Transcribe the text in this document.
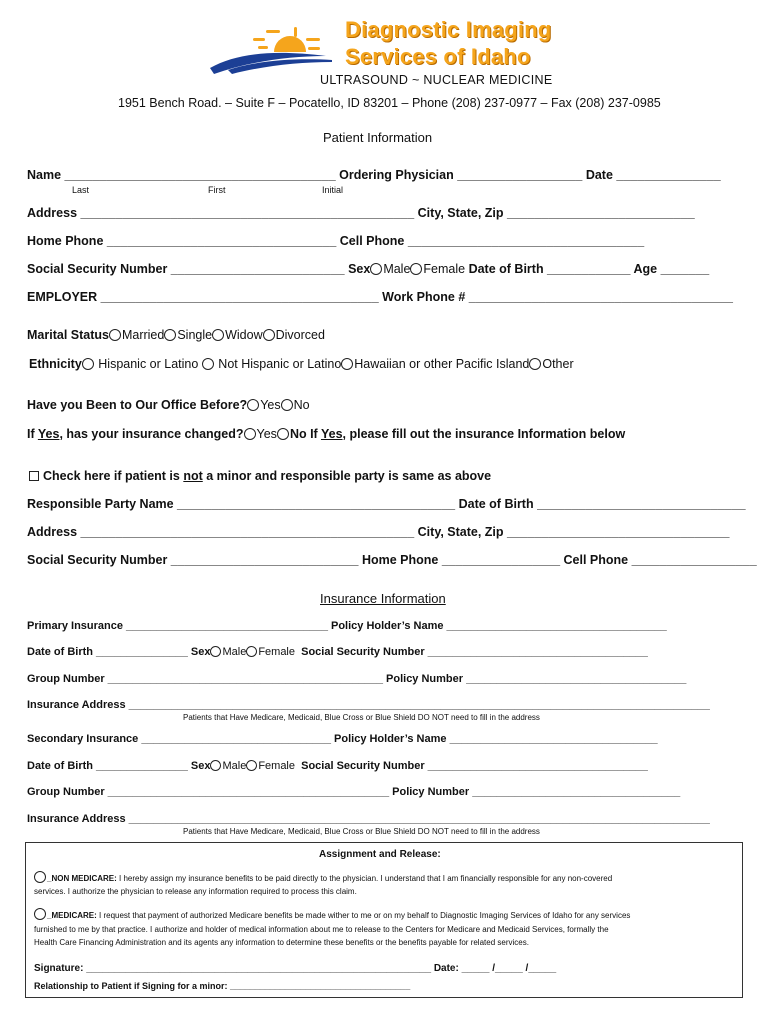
Diagnostic Imaging
Services of Idaho
ULTRASOUND ~ NUCLEAR MEDICINE
1951 Bench Road. – Suite F – Pocatello, ID 83201 – Phone (208) 237-0977 – Fax (208) 237-0985
Patient Information
Name _______________________________________ Ordering Physician __________________ Date _______________
Last	First	Initial
Address ________________________________________________ City, State, Zip ___________________________
Home Phone _________________________________ Cell Phone __________________________________
Social Security Number _________________________ Sex Male Female Date of Birth ____________ Age _______
EMPLOYER ________________________________________ Work Phone # ______________________________________
Marital Status Married Single Widow Divorced
Ethnicity Hispanic or Latino  Not Hispanic or Latino Hawaiian or other Pacific Island Other
Have you Been to Our Office Before? Yes No
If Yes, has your insurance changed? Yes No If Yes, please fill out the insurance Information below
Check here if patient is not a minor and responsible party is same as above
Responsible Party Name ________________________________________ Date of Birth ______________________________
Address ________________________________________________ City, State, Zip ________________________________
Social Security Number ___________________________ Home Phone _________________ Cell Phone __________________
Insurance Information
Primary Insurance _________________________________ Policy Holder’s Name ____________________________________
Date of Birth _______________ Sex Male Female  Social Security Number ____________________________________
Group Number _____________________________________________ Policy Number ____________________________________
Insurance Address _______________________________________________________________________________________________
Patients that Have Medicare, Medicaid, Blue Cross or Blue Shield DO NOT need to fill in the address
Secondary Insurance _______________________________ Policy Holder’s Name __________________________________
Date of Birth _______________ Sex Male Female  Social Security Number ____________________________________
Group Number ______________________________________________ Policy Number __________________________________
Insurance Address _______________________________________________________________________________________________
Patients that Have Medicare, Medicaid, Blue Cross or Blue Shield DO NOT need to fill in the address
Assignment and Release:
_NON MEDICARE: I hereby assign my insurance benefits to be paid directly to the physician. I understand that I am financially responsible for any non-covered
services. I authorize the physician to release any information required to process this claim.
_MEDICARE: I request that payment of authorized Medicare benefits be made wither to me or on my behalf to Diagnostic Imaging Services of Idaho for any services
furnished to me by that practice. I authorize and holder of medical information about me to release to the Centers for Medicare and Medicaid Services, formally the
Health Care Financing Administration and its agents any information to determine these benefits or the benefits payable for related services.
Signature: ______________________________________________________________ Date: _____ /_____ /_____
Relationship to Patient if Signing for a minor: ____________________________________
